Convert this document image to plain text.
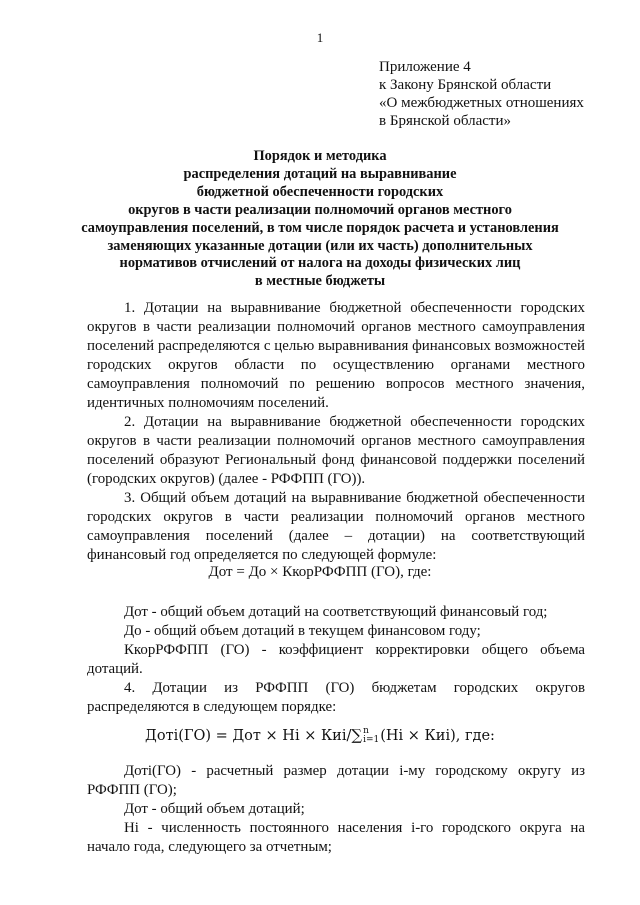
1
Приложение 4
к Закону Брянской области
«О межбюджетных отношениях
в Брянской области»
Порядок и методика
распределения дотаций на выравнивание
бюджетной обеспеченности городских
округов в части реализации полномочий органов местного
самоуправления поселений, в том числе порядок расчета и установления
заменяющих указанные дотации (или их часть) дополнительных
нормативов отчислений от налога на доходы физических лиц
в местные бюджеты
1. Дотации на выравнивание бюджетной обеспеченности городских
округов в части реализации полномочий органов местного самоуправления
поселений распределяются с целью выравнивания финансовых возможностей
городских округов области по осуществлению органами местного
самоуправления полномочий по решению вопросов местного значения,
идентичных полномочиям поселений.
2. Дотации на выравнивание бюджетной обеспеченности городских
округов в части реализации полномочий органов местного самоуправления
поселений образуют Региональный фонд финансовой поддержки поселений
(городских округов) (далее - РФФПП (ГО)).
3. Общий объем дотаций на выравнивание бюджетной обеспеченности
городских округов в части реализации полномочий органов местного
самоуправления поселений (далее – дотации) на соответствующий
финансовый год определяется по следующей формуле:
Дот = До × КкорРФФПП (ГО), где:
Дот - общий объем дотаций на соответствующий финансовый год;
До - общий объем дотаций в текущем финансовом году;
КкорРФФПП (ГО) - коэффициент корректировки общего объема
дотаций.
4. Дотации из РФФПП (ГО) бюджетам городских округов
распределяются в следующем порядке:
Доті(ГО) = Дот × Ні × Киі/∑ n
i=1 (Ні × Киі), где:
Доті(ГО) - расчетный размер дотации і-му городскому округу из
РФФПП (ГО);
Дот - общий объем дотаций;
Ні - численность постоянного населения і-го городского округа на
начало года, следующего за отчетным;
